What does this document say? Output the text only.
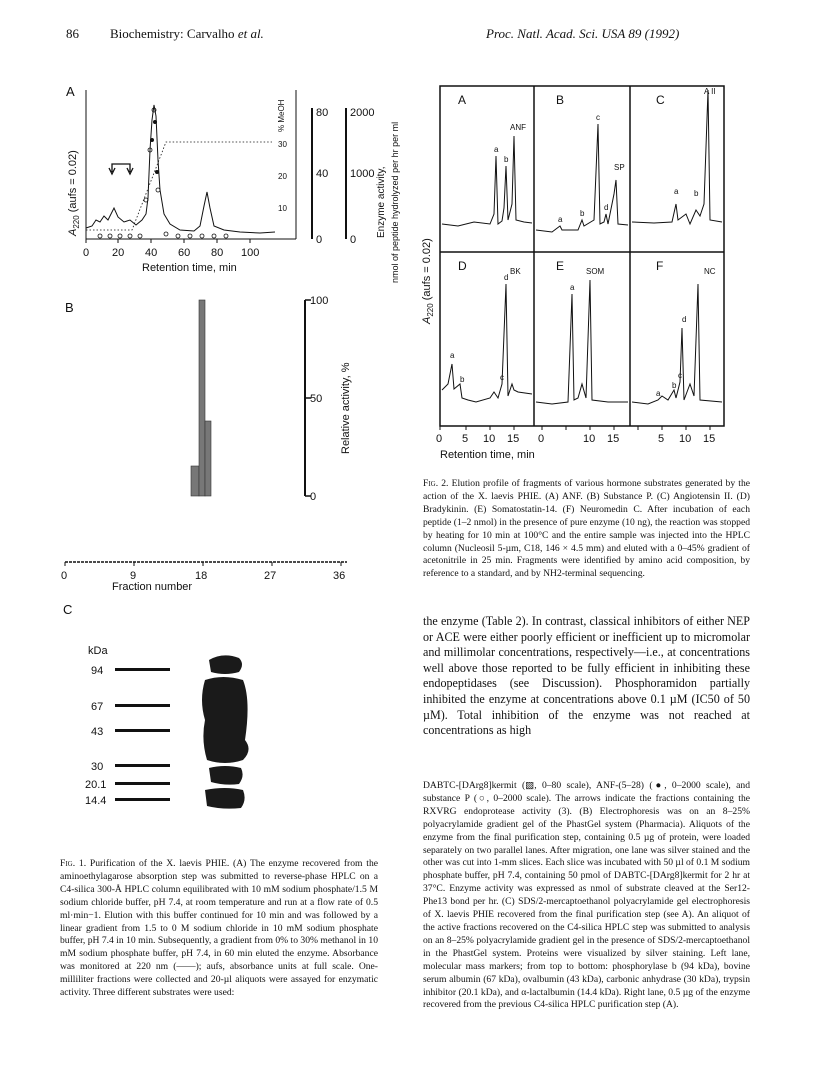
86 Biochemistry: Carvalho et al.	Proc. Natl. Acad. Sci. USA 89 (1992)
A
$A_{220}$ (aufs = 0.02)
30
20
10
% MeOH	80
40
0
2000
1000
0
Enzyme activity, nmol of peptide hydrolyzed per hr per ml
0 20 40 60 80 100
Retention time, min
B	100
50
0
Relative activity, %
0	9	18	27	36
Fraction number
C
kDa
94
67
43
30
20.1
14.4
Fig. 1. Purification of the X. laevis PHIE. (A) The enzyme recovered from the aminoethylagarose absorption step was submitted to reverse-phase HPLC on a C4-silica 300-Å HPLC column equilibrated with 10 mM sodium phosphate/1.5 M sodium chloride buffer, pH 7.4, at room temperature and run at a flow rate of 0.5 ml·min−1. Elution with this buffer continued for 10 min and was followed by a linear gradient from 1.5 to 0 M sodium chloride in 10 mM sodium phosphate buffer, pH 7.4 in 10 min. Subsequently, a gradient from 0% to 30% methanol in 10 mM sodium phosphate buffer, pH 7.4, in 60 min eluted the enzyme. Absorbance was monitored at 220 nm (——); aufs, absorbance units at full scale. One-milliliter fractions were collected and 20-µl aliquots were assayed for enzymatic activity. Three different substrates were used:
$A_{220}$ (aufs = 0.02)
A	B	C
D	E	F
ANF
SP
A II
BK	SOM	NC
a
b
a
b
c
d
a b
a
b	c
d
a
a
b
c
d
0 5 10 15 0	10 15	5 10 15
Retention time, min
Fig. 2. Elution profile of fragments of various hormone substrates generated by the action of the X. laevis PHIE. (A) ANF. (B) Substance P. (C) Angiotensin II. (D) Bradykinin. (E) Somatostatin-14. (F) Neuromedin C. After incubation of each peptide (1–2 nmol) in the presence of pure enzyme (10 ng), the reaction was stopped by heating for 10 min at 100°C and the entire sample was injected into the HPLC column (Nucleosil 5-µm, C18, 146 × 4.5 mm) and eluted with a 0–45% gradient of acetonitrile in 25 min. Fragments were identified by amino acid composition, by reference to a standard, and by NH2-terminal sequencing.
the enzyme (Table 2). In contrast, classical inhibitors of either NEP or ACE were either poorly efficient or inefficient up to micromolar and millimolar concentrations, respectively—i.e., at concentrations well above those reported to be fully efficient in inhibiting these endopeptidases (see Discussion). Phosphoramidon partially inhibited the enzyme at concentrations above 0.1 µM (IC50 of 50 µM). Total inhibition of the enzyme was not reached at concentrations as high
DABTC-[DArg8]kermit (▨, 0–80 scale), ANF-(5–28) (●, 0–2000 scale), and substance P (○, 0–2000 scale). The arrows indicate the fractions containing the RXVRG endoprotease activity (3). (B) Electrophoresis was on an 8–25% polyacrylamide gradient gel of the PhastGel system (Pharmacia). Aliquots of the enzyme from the final purification step, containing 0.5 µg of protein, were loaded separately on two parallel lanes. After migration, one lane was silver stained and the other was cut into 1-mm slices. Each slice was incubated with 50 µl of 0.1 M sodium phosphate buffer, pH 7.4, containing 50 pmol of DABTC-[DArg8]kermit for 2 hr at 37°C. Enzyme activity was expressed as nmol of substrate cleaved at the Ser12-Phe13 bond per hr. (C) SDS/2-mercaptoethanol polyacrylamide gel electrophoresis of X. laevis PHIE recovered from the final purification step (see A). An aliquot of the active fractions recovered on the C4-silica HPLC step was submitted to analysis on an 8–25% polyacrylamide gradient gel in the presence of SDS/2-mercaptoethanol in the PhastGel system. Proteins were visualized by silver staining. Left lane, molecular mass markers; from top to bottom: phosphorylase b (94 kDa), bovine serum albumin (67 kDa), ovalbumin (43 kDa), carbonic anhydrase (30 kDa), trypsin inhibitor (20.1 kDa), and α-lactalbumin (14.4 kDa). Right lane, 0.5 µg of the enzyme recovered from the previous C4-silica HPLC purification step (A).
